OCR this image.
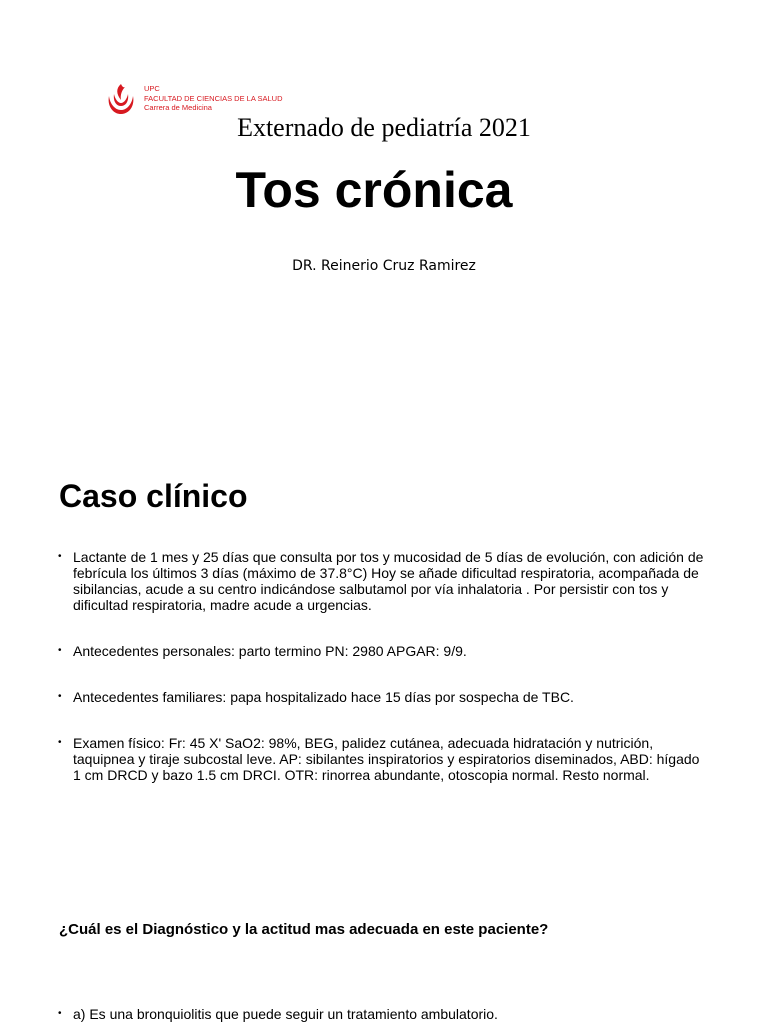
UPC
FACULTAD DE CIENCIAS DE LA SALUD
Carrera de Medicina
Externado de pediatría 2021
Tos crónica
DR. Reinerio Cruz Ramirez
Caso clínico
• Lactante de 1 mes y 25 días que consulta por tos y mucosidad de 5 días de evolución, con adición de febrícula los últimos 3 días (máximo de 37.8°C) Hoy se añade dificultad respiratoria, acompañada de sibilancias, acude a su centro indicándose salbutamol por vía inhalatoria . Por persistir con tos y dificultad respiratoria, madre acude a urgencias.
• Antecedentes personales: parto termino PN: 2980 APGAR: 9/9.
• Antecedentes familiares: papa hospitalizado hace 15 días por sospecha de TBC.
• Examen físico: Fr: 45 X' SaO2: 98%, BEG, palidez cutánea, adecuada hidratación y nutrición, taquipnea y tiraje subcostal leve. AP: sibilantes inspiratorios y espiratorios diseminados, ABD: hígado 1 cm DRCD y bazo 1.5 cm DRCI. OTR: rinorrea abundante, otoscopia normal. Resto normal.
¿Cuál es el Diagnóstico y la actitud mas adecuada en este paciente?
• a) Es una bronquiolitis que puede seguir un tratamiento ambulatorio.
